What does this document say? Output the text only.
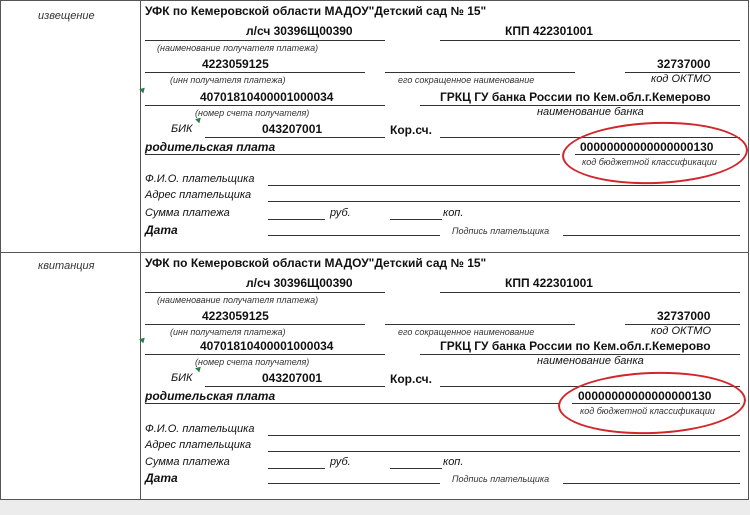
извещение	УФК по Кемеровской области МАДОУ"Детский сад № 15"
л/сч 30396Щ00390	КПП 422301001
(наименование получателя платежа)
4223059125	32737000
(инн получателя платежа)	его сокращенное наименование	код ОКТМО
40701810400001000034	ГРКЦ ГУ банка России по Кем.обл.г.Кемерово
(номер счета получателя)	наименование банка
БИК	043207001	Кор.сч.
родительская плата	00000000000000000130
код бюджетной классификации
Ф.И.О. плательщика
Адрес плательщика
Сумма платежа	руб.	коп.
Дата	Подпись плательщика
квитанция	УФК по Кемеровской области МАДОУ"Детский сад № 15"
л/сч 30396Щ00390	КПП 422301001
(наименование получателя платежа)
4223059125	32737000
(инн получателя платежа)	его сокращенное наименование	код ОКТМО
40701810400001000034	ГРКЦ ГУ банка России по Кем.обл.г.Кемерово
(номер счета получателя)	наименование банка
БИК	043207001	Кор.сч.
родительская плата	00000000000000000130
код бюджетной классификации
Ф.И.О. плательщика
Адрес плательщика
Сумма платежа	руб.	коп.
Дата	Подпись плательщика
